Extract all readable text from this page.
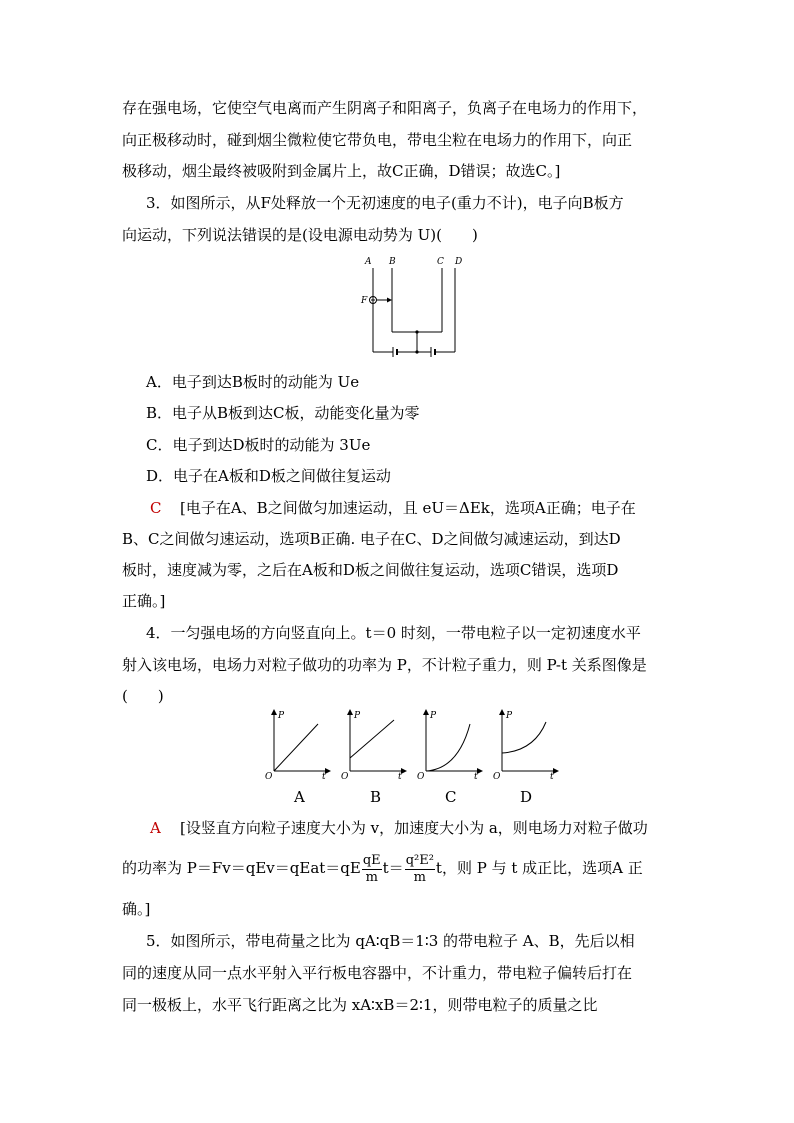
存在强电场，它使空气电离而产生阴离子和阳离子，负离子在电场力的作用下，
向正极移动时，碰到烟尘微粒使它带负电，带电尘粒在电场力的作用下，向正
极移动，烟尘最终被吸附到金属片上，故C正确，D错误；故选C。]
3．如图所示，从F处释放一个无初速度的电子(重力不计)，电子向B板方
向运动，下列说法错误的是(设电源电动势为 U)(　　)
A B	C D
F
A．电子到达B板时的动能为 Ue
B．电子从B板到达C板，动能变化量为零
C．电子到达D板时的动能为 3Ue
D．电子在A板和D板之间做往复运动
C [电子在A、B之间做匀加速运动，且 eU＝ΔEk，选项A正确；电子在
B、C之间做匀速运动，选项B正确. 电子在C、D之间做匀减速运动，到达D
板时，速度减为零，之后在A板和D板之间做往复运动，选项C错误，选项D
正确。]
4．一匀强电场的方向竖直向上。t＝0 时刻，一带电粒子以一定初速度水平
射入该电场，电场力对粒子做功的功率为 P，不计粒子重力，则 P-t 关系图像是
(　　)
P
t
O
P
t
O
P
t
O
P
t
O
A	B	C	D
A [设竖直方向粒子速度大小为 v，加速度大小为 a，则电场力对粒子做功
的功率为 P＝Fv＝qEv＝qEat＝qE $\frac{qE}{m} t= \frac{\text{q²E²}}{m}$ t，则 P 与 t 成正比，选项A 正
确。]
5．如图所示，带电荷量之比为 qA∶qB＝1∶3 的带电粒子 A、B，先后以相
同的速度从同一点水平射入平行板电容器中，不计重力，带电粒子偏转后打在
同一极板上，水平飞行距离之比为 xA∶xB＝2∶1，则带电粒子的质量之比
